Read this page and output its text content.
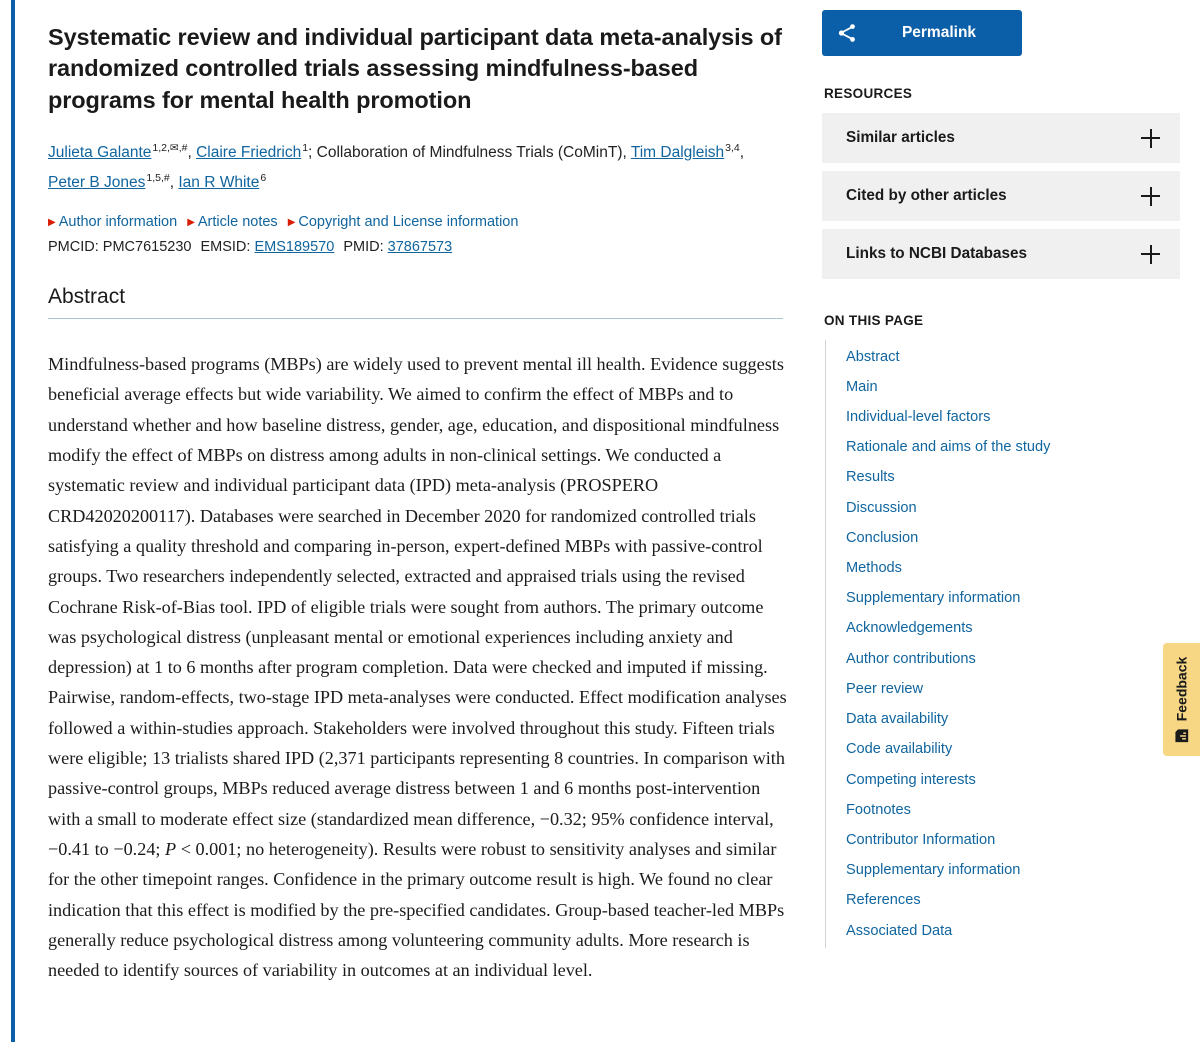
Systematic review and individual participant data meta-analysis of randomized controlled trials assessing mindfulness-based programs for mental health promotion
Julieta Galante$^{1,2,✉,\#}$, Claire Friedrich$^1$; Collaboration of Mindfulness Trials (CoMinT), Tim Dalgleish$^{3,4}$, Peter B Jones$^{1,5,\#}$, Ian R White$^6$
▶ Author information ▶ Article notes ▶ Copyright and License information
PMCID: PMC7615230 EMSID: EMS189570 PMID: 37867573
Abstract
Mindfulness-based programs (MBPs) are widely used to prevent mental ill health. Evidence suggests beneficial average effects but wide variability. We aimed to confirm the effect of MBPs and to understand whether and how baseline distress, gender, age, education, and dispositional mindfulness modify the effect of MBPs on distress among adults in non-clinical settings. We conducted a systematic review and individual participant data (IPD) meta-analysis (PROSPERO CRD42020200117). Databases were searched in December 2020 for randomized controlled trials satisfying a quality threshold and comparing in-person, expert-defined MBPs with passive-control groups. Two researchers independently selected, extracted and appraised trials using the revised Cochrane Risk-of-Bias tool. IPD of eligible trials were sought from authors. The primary outcome was psychological distress (unpleasant mental or emotional experiences including anxiety and depression) at 1 to 6 months after program completion. Data were checked and imputed if missing. Pairwise, random-effects, two-stage IPD meta-analyses were conducted. Effect modification analyses followed a within-studies approach. Stakeholders were involved throughout this study. Fifteen trials were eligible; 13 trialists shared IPD (2,371 participants representing 8 countries. In comparison with passive-control groups, MBPs reduced average distress between 1 and 6 months post-intervention with a small to moderate effect size (standardized mean difference, −0.32; 95% confidence interval, −0.41 to −0.24; P < 0.001; no heterogeneity). Results were robust to sensitivity analyses and similar for the other timepoint ranges. Confidence in the primary outcome result is high. We found no clear indication that this effect is modified by the pre-specified candidates. Group-based teacher-led MBPs generally reduce psychological distress among volunteering community adults. More research is needed to identify sources of variability in outcomes at an individual level.
Permalink
RESOURCES
Similar articles
Cited by other articles
Links to NCBI Databases
ON THIS PAGE
Abstract
Main
Individual-level factors
Rationale and aims of the study
Results
Discussion
Conclusion
Methods
Supplementary information
Acknowledgements
Author contributions
Peer review
Data availability
Code availability
Competing interests
Footnotes
Contributor Information
Supplementary information
References
Associated Data
Feedback
